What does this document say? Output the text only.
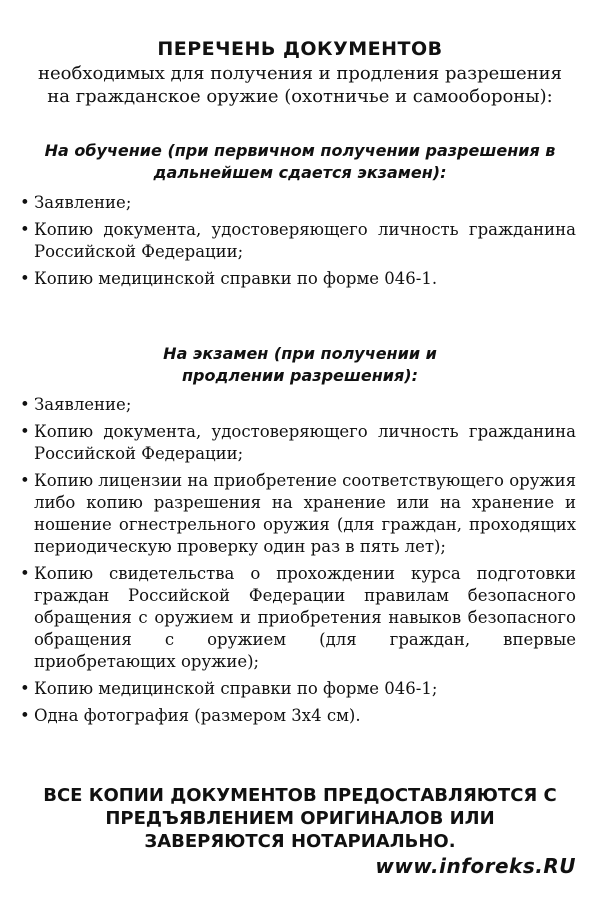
ПЕРЕЧЕНЬ ДОКУМЕНТОВ

необходимых для получения и продления разрешения
на гражданское оружие (охотничье и самообороны):

На обучение (при первичном получении разрешения в
дальнейшем сдается экзамен):
• Заявление;
• Копию документа, удостоверяющего личность гражданина Российской Федерации;
• Копию медицинской справки по форме 046-1.
На экзамен (при получении и
продлении разрешения):
• Заявление;
• Копию документа, удостоверяющего личность гражданина Российской Федерации;
• Копию лицензии на приобретение соответствующего оружия либо копию разрешения на хранение или на хранение и ношение огнестрельного оружия (для граждан, проходящих периодическую проверку один раз в пять лет);
• Копию свидетельства о прохождении курса подготовки граждан Российской Федерации правилам безопасного обращения с оружием и приобретения навыков безопасного обращения с оружием (для граждан, впервые приобретающих оружие);
• Копию медицинской справки по форме 046-1;
• Одна фотография (размером 3х4 см).

ВСЕ КОПИИ ДОКУМЕНТОВ ПРЕДОСТАВЛЯЮТСЯ С
ПРЕДЪЯВЛЕНИЕМ ОРИГИНАЛОВ ИЛИ
ЗАВЕРЯЮТСЯ НОТАРИАЛЬНО.

www.inforeks.RU
